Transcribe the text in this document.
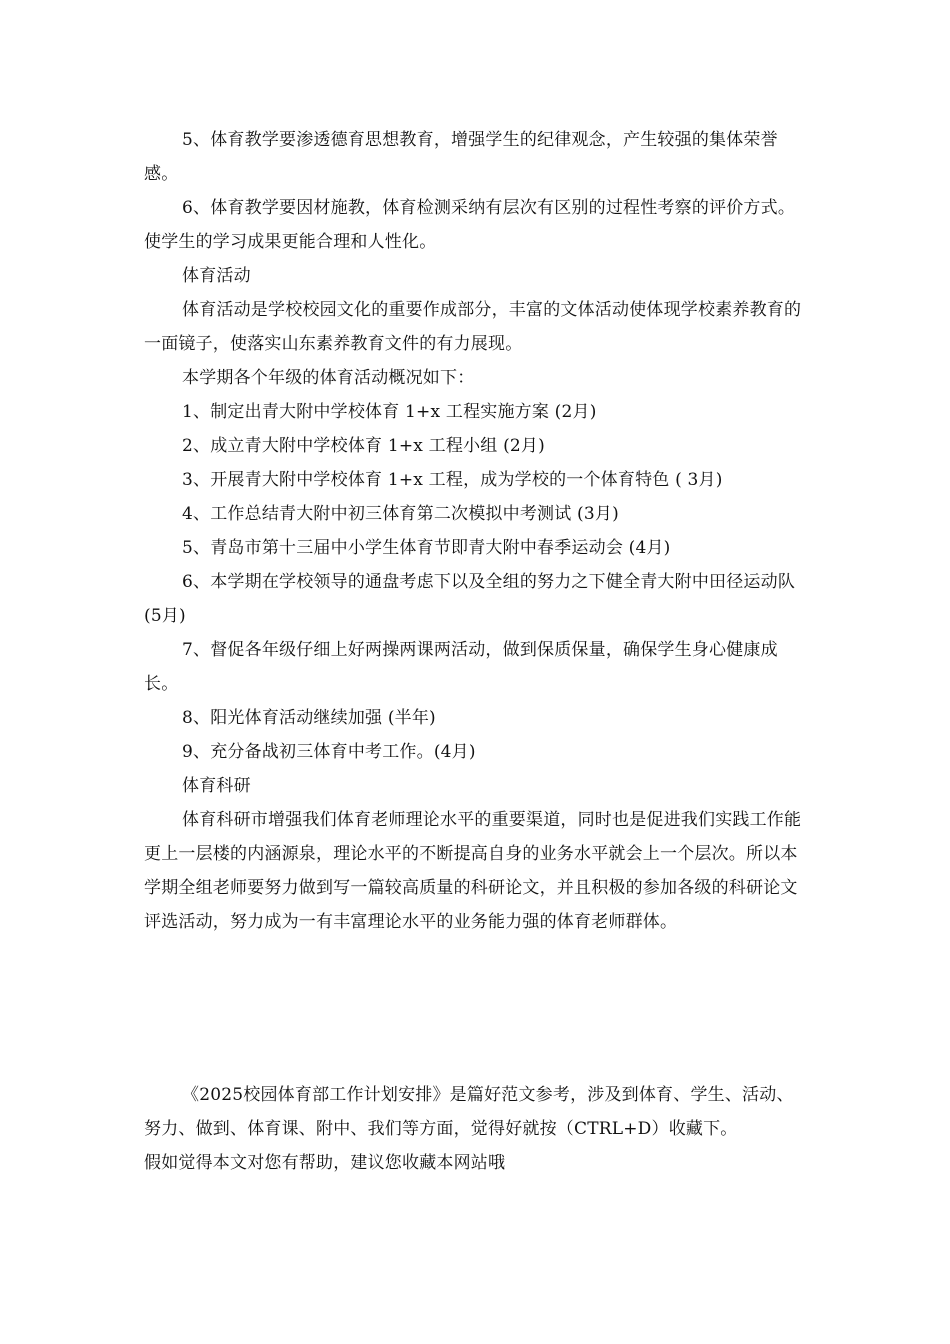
5、体育教学要渗透德育思想教育，增强学生的纪律观念，产生较强的集体荣誉感。

6、体育教学要因材施教，体育检测采纳有层次有区别的过程性考察的评价方式。使学生的学习成果更能合理和人性化。

体育活动

体育活动是学校校园文化的重要作成部分，丰富的文体活动使体现学校素养教育的一面镜子，使落实山东素养教育文件的有力展现。

本学期各个年级的体育活动概况如下：

1、制定出青大附中学校体育 1+x 工程实施方案 (2月)

2、成立青大附中学校体育 1+x 工程小组 (2月)

3、开展青大附中学校体育 1+x 工程，成为学校的一个体育特色 ( 3月)

4、工作总结青大附中初三体育第二次模拟中考测试 (3月)

5、青岛市第十三届中小学生体育节即青大附中春季运动会 (4月)

6、本学期在学校领导的通盘考虑下以及全组的努力之下健全青大附中田径运动队 (5月)

7、督促各年级仔细上好两操两课两活动，做到保质保量，确保学生身心健康成长。

8、阳光体育活动继续加强 (半年)

9、充分备战初三体育中考工作。(4月)

体育科研

体育科研市增强我们体育老师理论水平的重要渠道，同时也是促进我们实践工作能更上一层楼的内涵源泉，理论水平的不断提高自身的业务水平就会上一个层次。所以本学期全组老师要努力做到写一篇较高质量的科研论文，并且积极的参加各级的科研论文评选活动，努力成为一有丰富理论水平的业务能力强的体育老师群体。

《2025校园体育部工作计划安排》是篇好范文参考，涉及到体育、学生、活动、努力、做到、体育课、附中、我们等方面，觉得好就按（CTRL+D）收藏下。

假如觉得本文对您有帮助，建议您收藏本网站哦
